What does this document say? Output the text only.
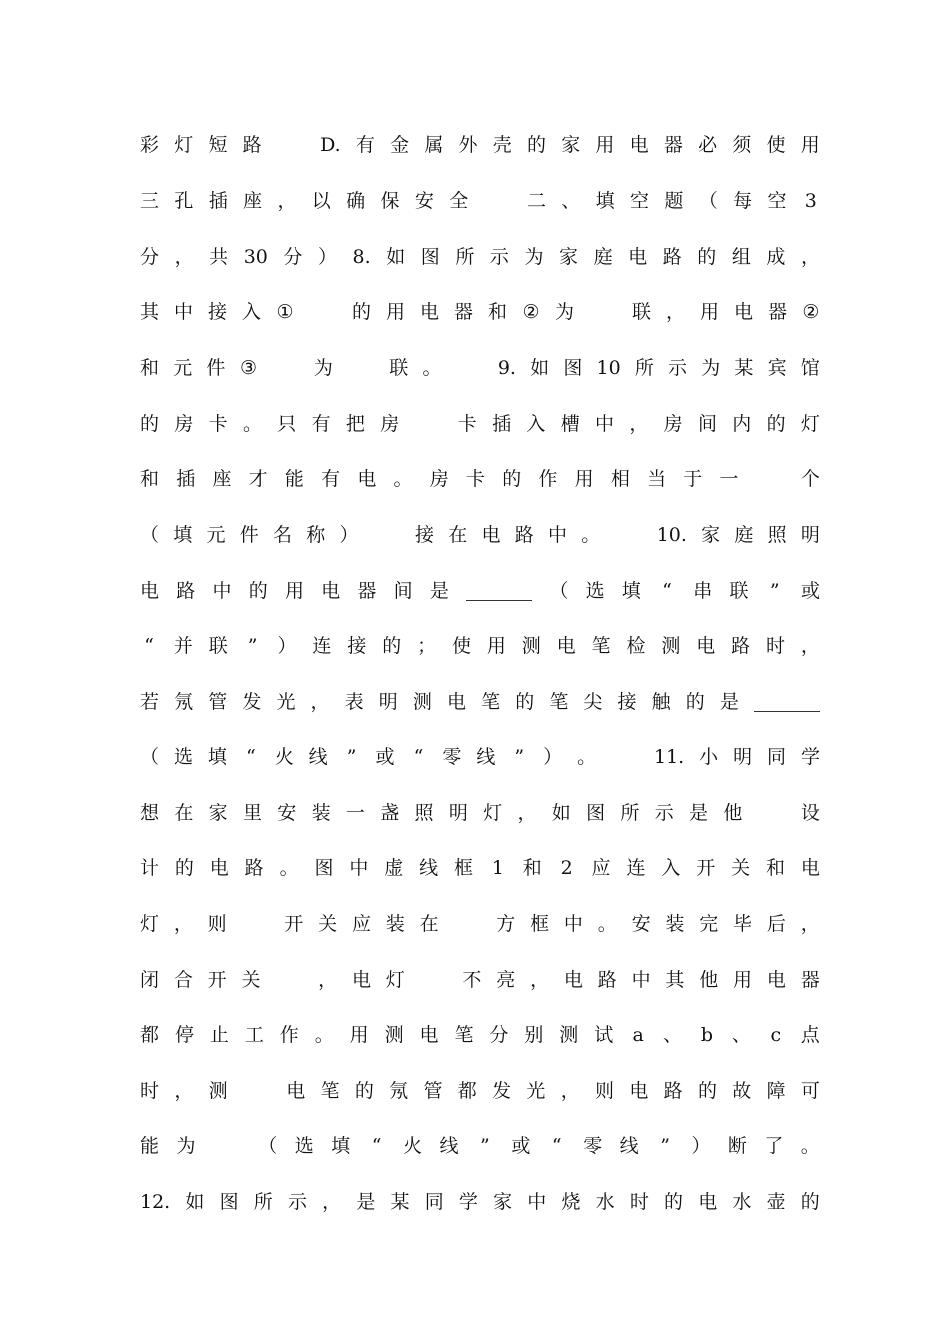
彩 灯 短 路
　	D. 有 金 属 外 壳 的 家 用 电 器 必 须 使 用
三 孔 插 座 ， 以 确 保 安 全
　	二 、 填 空 题 （ 每 空 3
分 ， 共 30 分 ） 8. 如 图 所 示 为 家 庭 电 路 的 组 成 ，
其 中 接 入 ①
　	的 用 电 器 和 ② 为
　	联 ， 用 电 器 ②
和 元 件 ③
　	为
　	联 。
　	9. 如 图 10 所 示 为 某 宾 馆
的 房 卡 。 只 有 把 房
　	卡 插 入 槽 中 ， 房 间 内 的 灯
和 插 座 才 能 有 电 。 房 卡 的 作 用 相 当 于 一
　	个
（ 填 元 件 名 称 ）
　	接 在 电 路 中 。
　	10. 家 庭 照 明
电 路 中 的 用 电 器 间 是	（ 选 填 “ 串 联 ” 或
“ 并 联 ” ） 连 接 的 ； 使 用 测 电 笔 检 测 电 路 时 ，
若 氖 管 发 光 ， 表 明 测 电 笔 的 笔 尖 接 触 的 是
（ 选 填 “ 火 线 ” 或 “ 零 线 ” ） 。
　	11. 小 明 同 学
想 在 家 里 安 装 一 盏 照 明 灯 ， 如 图 所 示 是 他
　	设
计 的 电 路 。 图 中 虚 线 框 1 和 2 应 连 入 开 关 和 电
灯 ， 则
　	开 关 应 装 在
　	方 框 中 。 安 装 完 毕 后 ，
闭 合 开 关
　	， 电 灯
　	不 亮 ， 电 路 中 其 他 用 电 器
都 停 止 工 作 。 用 测 电 笔 分 别 测 试 a 、 b 、 c 点
时 ， 测
　	电 笔 的 氖 管 都 发 光 ， 则 电 路 的 故 障 可
能 为
　	（ 选 填 “ 火 线 ” 或 “ 零 线 ” ） 断 了 。
12. 如 图 所 示 ， 是 某 同 学 家 中 烧 水 时 的 电 水 壶 的
